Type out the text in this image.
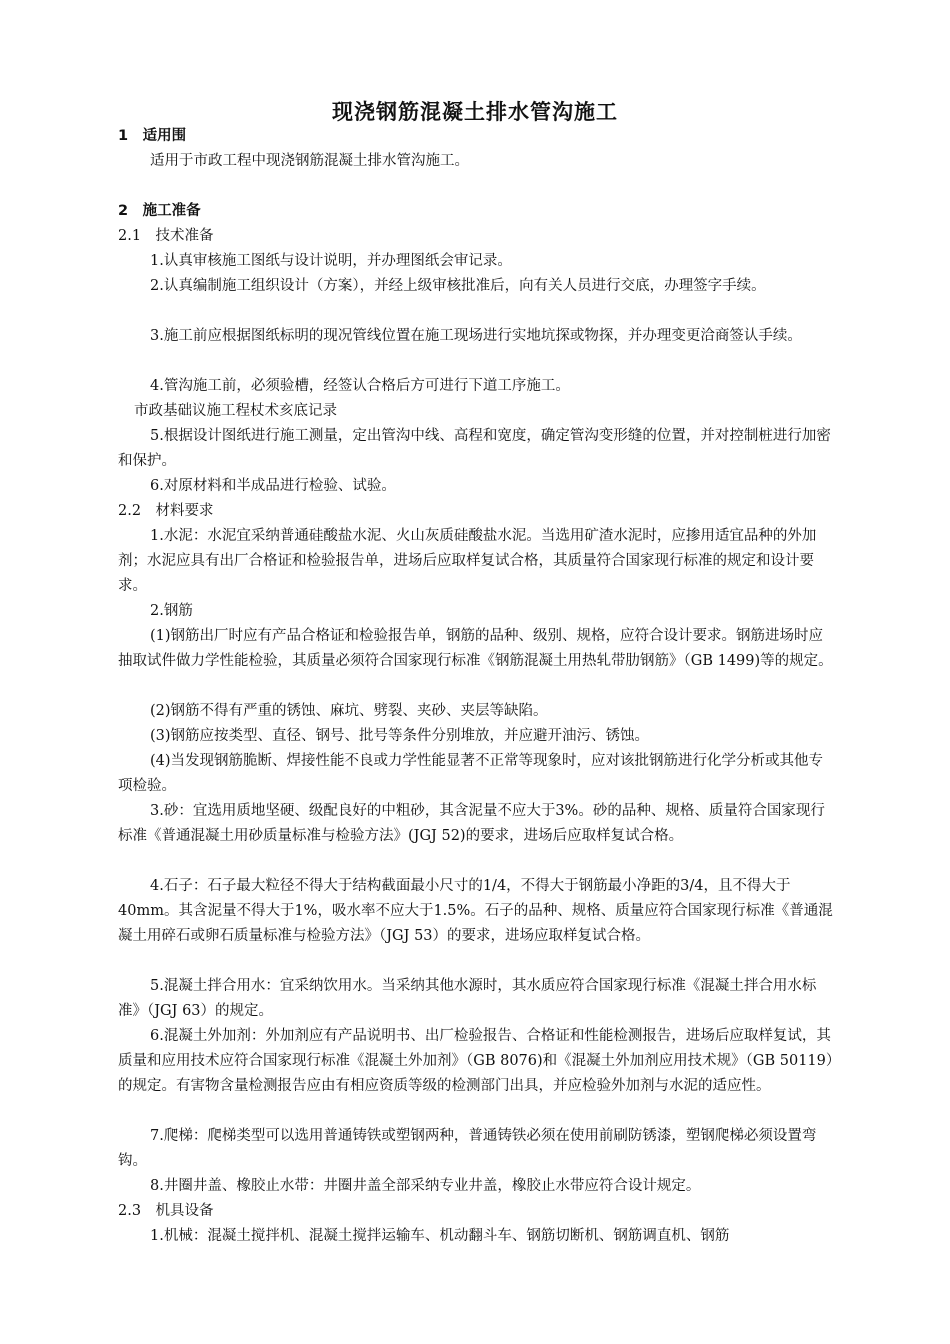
现浇钢筋混凝土排水管沟施工
1　适用围
适用于市政工程中现浇钢筋混凝土排水管沟施工。
2　施工准备
2.1　技术准备
1.认真审核施工图纸与设计说明，并办理图纸会审记录。
2.认真编制施工组织设计（方案），并经上级审核批准后，向有关人员进行交底，办理签字手续。
3.施工前应根据图纸标明的现况管线位置在施工现场进行实地坑探或物探，并办理变更洽商签认手续。
4.管沟施工前，必须验槽，经签认合格后方可进行下道工序施工。
市政基础议施工程杖术亥底记录
5.根据设计图纸进行施工测量，定出管沟中线、高程和宽度，确定管沟变形缝的位置，并对控制桩进行加密和保护。
6.对原材料和半成品进行检验、试验。
2.2　材料要求
1.水泥：水泥宜采纳普通硅酸盐水泥、火山灰质硅酸盐水泥。当选用矿渣水泥时，应掺用适宜品种的外加剂；水泥应具有出厂合格证和检验报告单，进场后应取样复试合格，其质量符合国家现行标准的规定和设计要求。
2.钢筋
(1)钢筋出厂时应有产品合格证和检验报告单，钢筋的品种、级别、规格，应符合设计要求。钢筋进场时应抽取试件做力学性能检验，其质量必须符合国家现行标准《钢筋混凝土用热轧带肋钢筋》（GB 1499)等的规定。
(2)钢筋不得有严重的锈蚀、麻坑、劈裂、夹砂、夹层等缺陷。
(3)钢筋应按类型、直径、钢号、批号等条件分别堆放，并应避开油污、锈蚀。
(4)当发现钢筋脆断、焊接性能不良或力学性能显著不正常等现象时，应对该批钢筋进行化学分析或其他专项检验。
3.砂：宜选用质地坚硬、级配良好的中粗砂，其含泥量不应大于3%。砂的品种、规格、质量符合国家现行标准《普通混凝土用砂质量标准与检验方法》(JGJ 52)的要求，进场后应取样复试合格。
4.石子：石子最大粒径不得大于结构截面最小尺寸的1/4，不得大于钢筋最小净距的3/4，且不得大于40mm。其含泥量不得大于1%，吸水率不应大于1.5%。石子的品种、规格、质量应符合国家现行标准《普通混凝土用碎石或卵石质量标准与检验方法》（JGJ 53）的要求，进场应取样复试合格。
5.混凝土拌合用水：宜采纳饮用水。当采纳其他水源时，其水质应符合国家现行标准《混凝土拌合用水标准》（JGJ 63）的规定。
6.混凝土外加剂：外加剂应有产品说明书、出厂检验报告、合格证和性能检测报告，进场后应取样复试，其质量和应用技术应符合国家现行标准《混凝土外加剂》（GB 8076)和《混凝土外加剂应用技术规》（GB 50119）的规定。有害物含量检测报告应由有相应资质等级的检测部门出具，并应检验外加剂与水泥的适应性。
7.爬梯：爬梯类型可以选用普通铸铁或塑钢两种，普通铸铁必须在使用前刷防锈漆，塑钢爬梯必须设置弯钩。
8.井圈井盖、橡胶止水带：井圈井盖全部采纳专业井盖，橡胶止水带应符合设计规定。
2.3　机具设备
1.机械：混凝土搅拌机、混凝土搅拌运输车、机动翻斗车、钢筋切断机、钢筋调直机、钢筋
